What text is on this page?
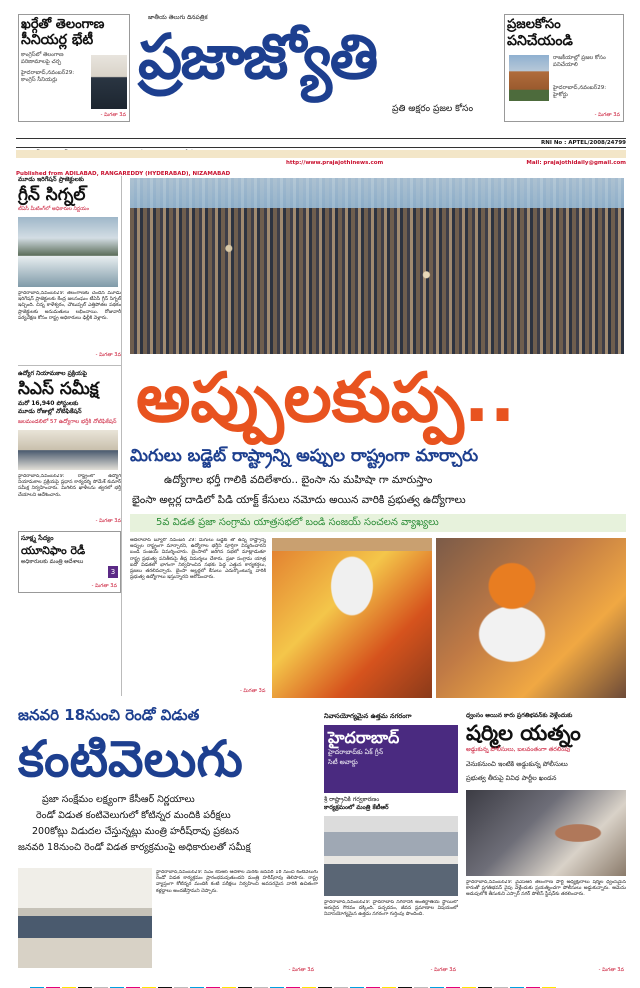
ఖర్గేతో తెలంగాణ
సీనియర్ల భేటీ
కాంగ్రెస్‌లో తెలంగాణ పరిణామాలపై చర్చ
హైదరాబాద్,నవంబర్29: కాంగ్రెస్ సీనియర్లు
- మిగతా 3వ
జాతీయ తెలుగు దినపత్రిక
ప్రజాజ్యోతి
ప్రతి అక్షరం ప్రజల కోసం
ప్రజలకోసం
పనిచేయండి
రాజకీయాల్లో ప్రజల కోసం పనిచేయాలి
హైదరాబాద్,నవంబర్29: హైకోర్టు
- మిగతా 3వ
RNI No : APTEL/2008/24799
Published from ADILABAD, RANGAREDDY (HYDERABAD), NIZAMABAD
http://www.prajajothinews.com	Mail: prajajothidaily@gmail.com
మూడు ఇరిగేషన్ ప్రాజెక్టులకు
గ్రీన్ సిగ్నల్
టీఏసీ మీటింగ్‌లో అధికారుల నిర్ణయం
హైదరాబాద్,నవంబర్29: తెలంగాణకు చెందిన మూడు ఇరిగేషన్ ప్రాజెక్టులకు కేంద్ర జలసంఘం టీఏసీ గ్రీన్ సిగ్నల్ ఇచ్చింది. చిన్న కాళేశ్వరం, చౌటుప్పల్ ఎత్తిపోతల పథకం ప్రాజెక్టులకు అనుమతులు లభించాయి. రోజువారీ పర్యవేక్షణ కోసం రాష్ట్ర అధికారులు ఢిల్లీకి వెళ్లారు.
- మిగతా 3వ
ఉద్యోగ నియామకాల ప్రక్రియపై
సిఎస్ సమీక్ష
మరో 16,940 పోస్టులకు
మూడు రోజుల్లో నోటిఫికేషన్
జలమండలిలో 57 ఉద్యోగాల భర్తీకి నోటిఫికేషన్
హైదరాబాద్,నవంబర్29: రాష్ట్రంలో ఉద్యోగ నియామకాల ప్రక్రియపై ప్రధాన కార్యదర్శి సోమేశ్ కుమార్ సమీక్ష నిర్వహించారు. మిగిలిన ఖాళీలను త్వరలో భర్తీ చేయాలని ఆదేశించారు.
- మిగతా 3వ
సూక్ష్మ సేద్యం
యూనిఫాం రెడీ
అధికారులకు మంత్రి ఆదేశాలు
3
- మిగతా 3వ
అప్పులకుప్ప..
మిగులు బడ్జెట్ రాష్ట్రాన్ని అప్పుల రాష్ట్రంగా మార్చారు
ఉద్యోగాల భర్తీ గాలికి వదిలేశారు.. బైంసా ను మహిషా గా మారుస్తాం
భైంసా అల్లర్ల దాడిలో పిడి యాక్ట్ కేసులు నమోదు అయిన వారికి ప్రభుత్వ ఉద్యోగాలు
5వ విడత ప్రజా సంగ్రామ యాత్రసభలో బండి సంజయ్ సంచలన వ్యాఖ్యలు
ఆదిలాబాద్ బ్యూరో నవంబర్ 29: మిగులు బడ్జెట్ తో ఉన్న రాష్ట్రాన్ని అప్పుల రాష్ట్రంగా మార్చారని, ఉద్యోగాల భర్తీని పూర్తిగా విస్మరించారని బండి సంజయ్ విమర్శించారు. బైంసాలో జరిగిన సభలో మాట్లాడుతూ రాష్ట్ర ప్రభుత్వ పనితీరుపై తీవ్ర విమర్శలు చేశారు. ప్రజా సంగ్రామ యాత్ర ఐదో విడతలో భాగంగా నిర్వహించిన సభకు పెద్ద ఎత్తున కార్యకర్తలు, ప్రజలు తరలివచ్చారు. బైంసా అల్లర్లలో కేసులు ఎదుర్కొంటున్న వారికి ప్రభుత్వ ఉద్యోగాలు ఇస్తున్నారని ఆరోపించారు.
- మిగతా 3వ
జనవరి 18నుంచి రెండో విడుత
కంటివెలుగు
ప్రజా సంక్షేమం లక్ష్యంగా కేసీఆర్ నిర్ణయాలు
రెండో విడుత కంటివెలుగులో కోటిన్నర మందికి పరీక్షలు
200కోట్లు విడుదల చేస్తున్నట్లు మంత్రి హరీష్‌రావు ప్రకటన
జనవరి 18నుంచి రెండో విడత కార్యక్రమంపై అధికారులతో సమీక్ష
హైదరాబాద్,నవంబర్29: సీఎం కేసీఆర్ ఆదేశాల మేరకు జనవరి 18 నుంచి కంటివెలుగు రెండో విడత కార్యక్రమం ప్రారంభమవుతుందని మంత్రి హరీష్‌రావు తెలిపారు. రాష్ట్ర వ్యాప్తంగా కోటిన్నర మందికి కంటి పరీక్షలు నిర్వహించి అవసరమైన వారికి ఉచితంగా కళ్లద్దాలు అందజేస్తామని చెప్పారు.
- మిగతా 3వ
నివాసయోగ్యమైన ఉత్తమ నగరంగా
హైదరాబాద్
హైదరాబాద్‌కు ఏక్ గ్రీన్
సిటీ అవార్డు
శ్రీ రాష్ట్రానికి గర్వకారణం
కార్యక్రమంలో మంత్రి కేటీఆర్
హైదరాబాద్,నవంబర్29: హైదరాబాద్ నగరానికి అంతర్జాతీయ స్థాయిలో అరుదైన గౌరవం దక్కింది. పచ్చదనం, జీవన ప్రమాణాల విషయంలో నివాసయోగ్యమైన ఉత్తమ నగరంగా గుర్తింపు పొందింది.
- మిగతా 3వ
ధ్వంసం అయిన కారు ప్రగతిభవన్‌కు వెళ్లేందుకు
షర్మిల యత్నం
అడ్డుకున్న పోలీసులు, బలవంతంగా తరలింపు
వెనుకనుంచి ఇంటికి అడ్డుకున్న పోలీసులు
ప్రభుత్వ తీరుపై వివిధ పార్టీల ఖండన
హైదరాబాద్,నవంబర్29: వైఎస్ఆర్ తెలంగాణ పార్టీ అధ్యక్షురాలు షర్మిల ధ్వంసమైన కారుతో ప్రగతిభవన్ వైపు వెళ్లేందుకు ప్రయత్నించగా పోలీసులు అడ్డుకున్నారు. ఆమెను అదుపులోకి తీసుకుని ఎస్సార్ నగర్ పోలీస్ స్టేషన్‌కు తరలించారు.
- మిగతా 3వ
